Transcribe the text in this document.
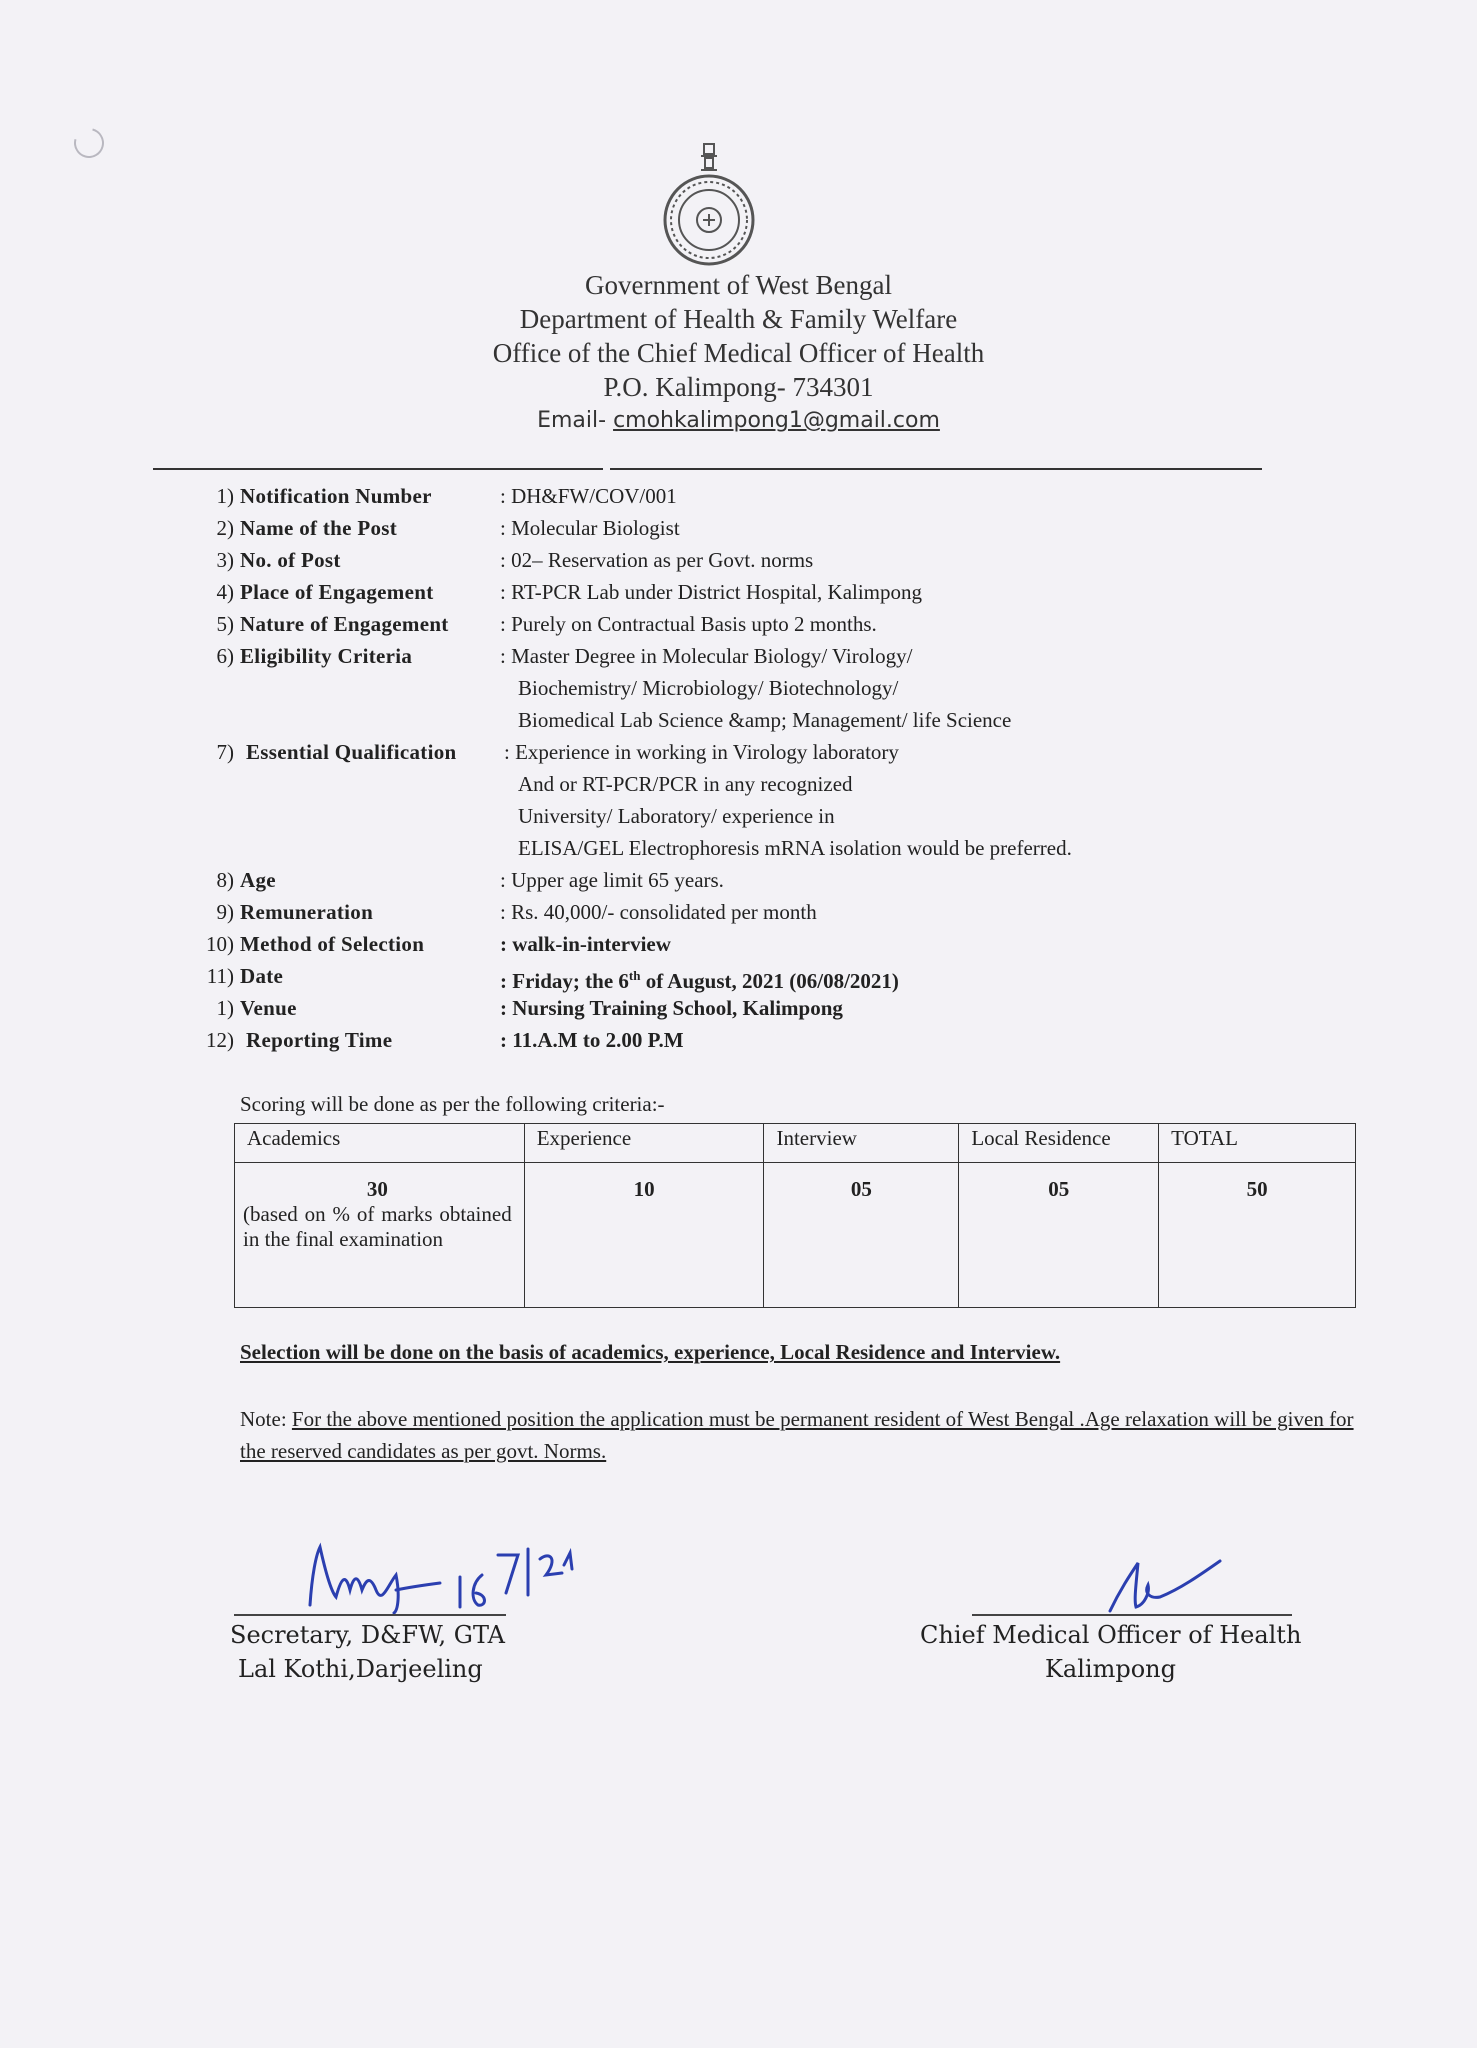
Government of West Bengal
Department of Health & Family Welfare
Office of the Chief Medical Officer of Health
P.O. Kalimpong- 734301
Email- cmohkalimpong1@gmail.com
1) Notification Number	: DH&FW/COV/001
2) Name of the Post	: Molecular Biologist
3) No. of Post	: 02– Reservation as per Govt. norms
4) Place of Engagement	: RT-PCR Lab under District Hospital, Kalimpong
5) Nature of Engagement : Purely on Contractual Basis upto 2 months.
6) Eligibility Criteria	: Master Degree in Molecular Biology/ Virology/
Biochemistry/ Microbiology/ Biotechnology/
Biomedical Lab Science &amp; Management/ life Science
7) Essential Qualification : Experience in working in Virology laboratory
And or RT-PCR/PCR in any recognized
University/ Laboratory/ experience in
ELISA/GEL Electrophoresis mRNA isolation would be preferred.
8) Age	: Upper age limit 65 years.
9) Remuneration	: Rs. 40,000/- consolidated per month
10) Method of Selection	: walk-in-interview
11) Date	: Friday; the 6th of August, 2021 (06/08/2021)
1) Venue	: Nursing Training School, Kalimpong
12) Reporting Time	: 11.A.M to 2.00 P.M
Scoring will be done as per the following criteria:-
Academics	Experience	Interview	Local Residence	TOTAL

30
(based on % of marks obtained in the final examination	10	05	05	50
Selection will be done on the basis of academics, experience, Local Residence and Interview.
Note: For the above mentioned position the application must be permanent resident of West Bengal .Age relaxation will be given for the reserved candidates as per govt. Norms.
Secretary, D&FW, GTA
Lal Kothi,Darjeeling
Chief Medical Officer of Health
Kalimpong
